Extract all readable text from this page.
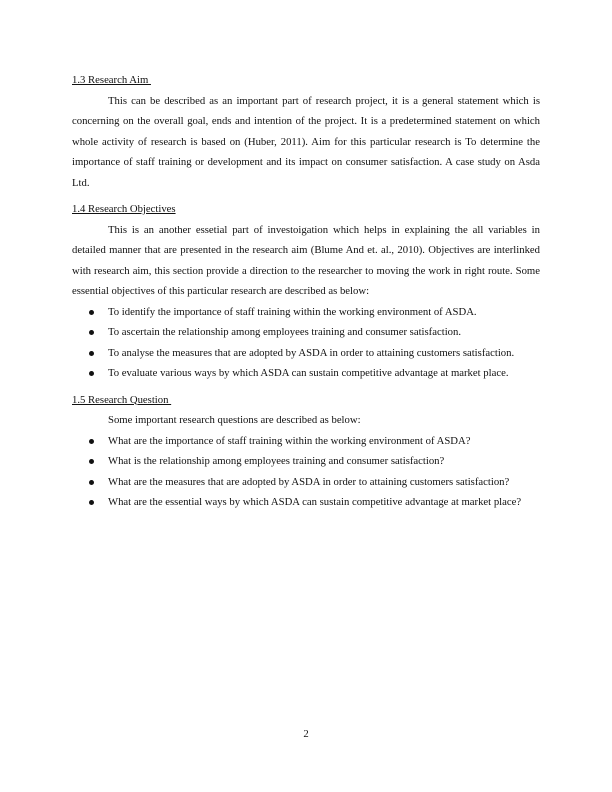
1.3 Research Aim

This can be described as an important part of research project, it is a general statement which is concerning on the overall goal, ends and intention of the project. It is a predetermined statement on which whole activity of research is based on (Huber, 2011). Aim for this particular research is To determine the importance of staff training or development and its impact on consumer satisfaction. A case study on Asda Ltd.

1.4 Research Objectives

This is an another essetial part of investoigation which helps in explaining the all variables in detailed manner that are presented in the research aim (Blume And et. al., 2010). Objectives are interlinked with research aim, this section provide a direction to the researcher to moving the work in right route. Some essential objectives of this particular research are described as below:

To identify the importance of staff training within the working environment of ASDA.
To ascertain the relationship among employees training and consumer satisfaction.
To analyse the measures that are adopted by ASDA in order to attaining customers satisfaction.
To evaluate various ways by which ASDA can sustain competitive advantage at market place.
1.5 Research Question

Some important research questions are described as below:

What are the importance of staff training within the working environment of ASDA?
What is the relationship among employees training and consumer satisfaction?
What are the measures that are adopted by ASDA in order to attaining customers satisfaction?
What are the essential ways by which ASDA can sustain competitive advantage at market place?
2
